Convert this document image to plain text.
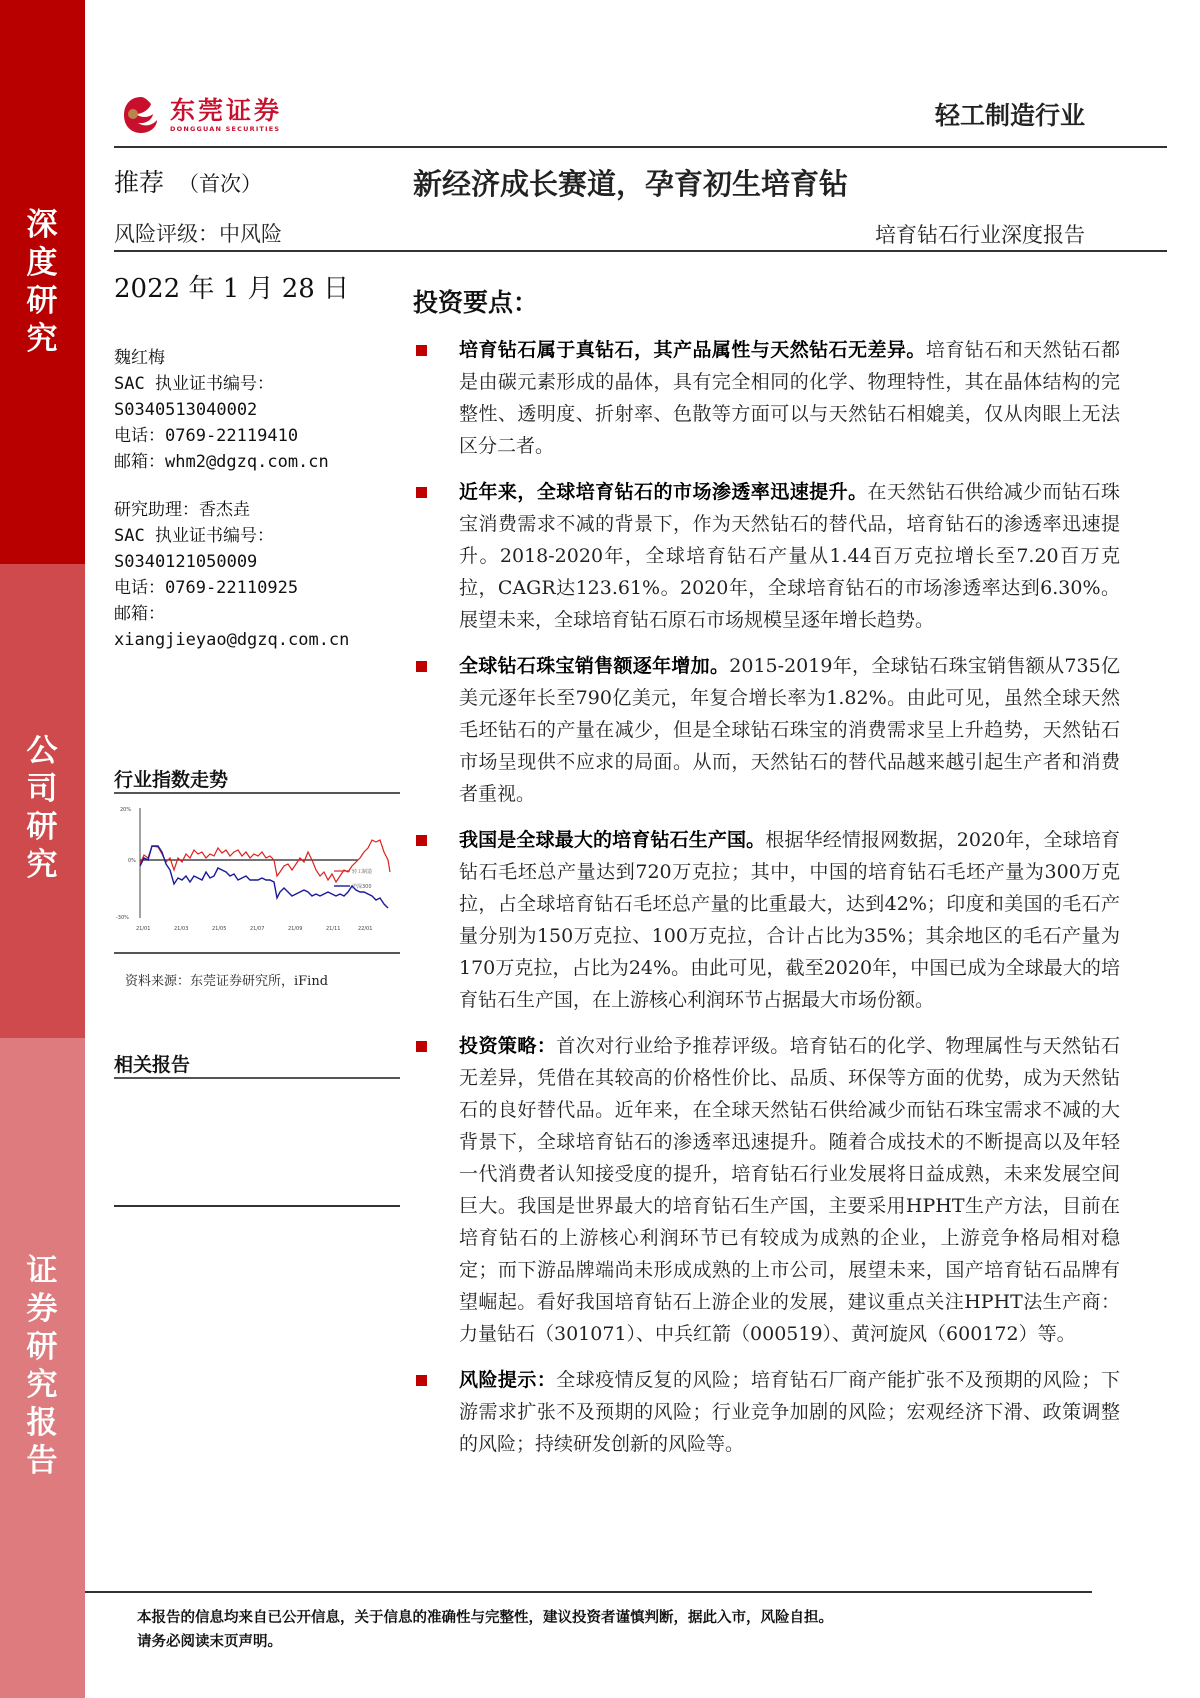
深度研究
公司研究
证券研究报告
东莞证券
DONGGUAN SECURITIES	轻工制造行业
推荐 （首次）	新经济成长赛道，孕育初生培育钻
风险评级：中风险	培育钻石行业深度报告
2022 年 1 月 28 日
魏红梅
SAC 执业证书编号：
S0340513040002
电话：0769-22119410
邮箱：whm2@dgzq.com.cn
研究助理：香杰垚
SAC 执业证书编号：
S0340121050009
电话：0769-22110925
邮箱：
xiangjieyao@dgzq.com.cn
行业指数走势
20%
0%
-30%
21/01	21/03	21/05	21/07	21/09	21/11	22/01
轻工制造
沪深300
资料来源：东莞证券研究所，iFind
相关报告
投资要点：
培育钻石属于真钻石，其产品属性与天然钻石无差异。培育钻石和天然钻石都是由碳元素形成的晶体，具有完全相同的化学、物理特性，其在晶体结构的完整性、透明度、折射率、色散等方面可以与天然钻石相媲美，仅从肉眼上无法区分二者。
近年来，全球培育钻石的市场渗透率迅速提升。在天然钻石供给减少而钻石珠宝消费需求不减的背景下，作为天然钻石的替代品，培育钻石的渗透率迅速提升。2018-2020年，全球培育钻石产量从1.44百万克拉增长至7.20百万克拉，CAGR达123.61%。2020年，全球培育钻石的市场渗透率达到6.30%。展望未来，全球培育钻石原石市场规模呈逐年增长趋势。
全球钻石珠宝销售额逐年增加。2015-2019年，全球钻石珠宝销售额从735亿美元逐年长至790亿美元，年复合增长率为1.82%。由此可见，虽然全球天然毛坯钻石的产量在减少，但是全球钻石珠宝的消费需求呈上升趋势，天然钻石市场呈现供不应求的局面。从而，天然钻石的替代品越来越引起生产者和消费者重视。
我国是全球最大的培育钻石生产国。根据华经情报网数据，2020年，全球培育钻石毛坯总产量达到720万克拉；其中，中国的培育钻石毛坯产量为300万克拉，占全球培育钻石毛坯总产量的比重最大，达到42%；印度和美国的毛石产量分别为150万克拉、100万克拉，合计占比为35%；其余地区的毛石产量为170万克拉，占比为24%。由此可见，截至2020年，中国已成为全球最大的培育钻石生产国，在上游核心利润环节占据最大市场份额。
投资策略：首次对行业给予推荐评级。培育钻石的化学、物理属性与天然钻石无差异，凭借在其较高的价格性价比、品质、环保等方面的优势，成为天然钻石的良好替代品。近年来，在全球天然钻石供给减少而钻石珠宝需求不减的大背景下，全球培育钻石的渗透率迅速提升。随着合成技术的不断提高以及年轻一代消费者认知接受度的提升，培育钻石行业发展将日益成熟，未来发展空间巨大。我国是世界最大的培育钻石生产国，主要采用HPHT生产方法，目前在培育钻石的上游核心利润环节已有较成为成熟的企业，上游竞争格局相对稳定；而下游品牌端尚未形成成熟的上市公司，展望未来，国产培育钻石品牌有望崛起。看好我国培育钻石上游企业的发展，建议重点关注HPHT法生产商：力量钻石（301071）、中兵红箭（000519）、黄河旋风（600172）等。
风险提示：全球疫情反复的风险；培育钻石厂商产能扩张不及预期的风险；下游需求扩张不及预期的风险；行业竞争加剧的风险；宏观经济下滑、政策调整的风险；持续研发创新的风险等。
本报告的信息均来自已公开信息，关于信息的准确性与完整性，建议投资者谨慎判断，据此入市，风险自担。
请务必阅读末页声明。
